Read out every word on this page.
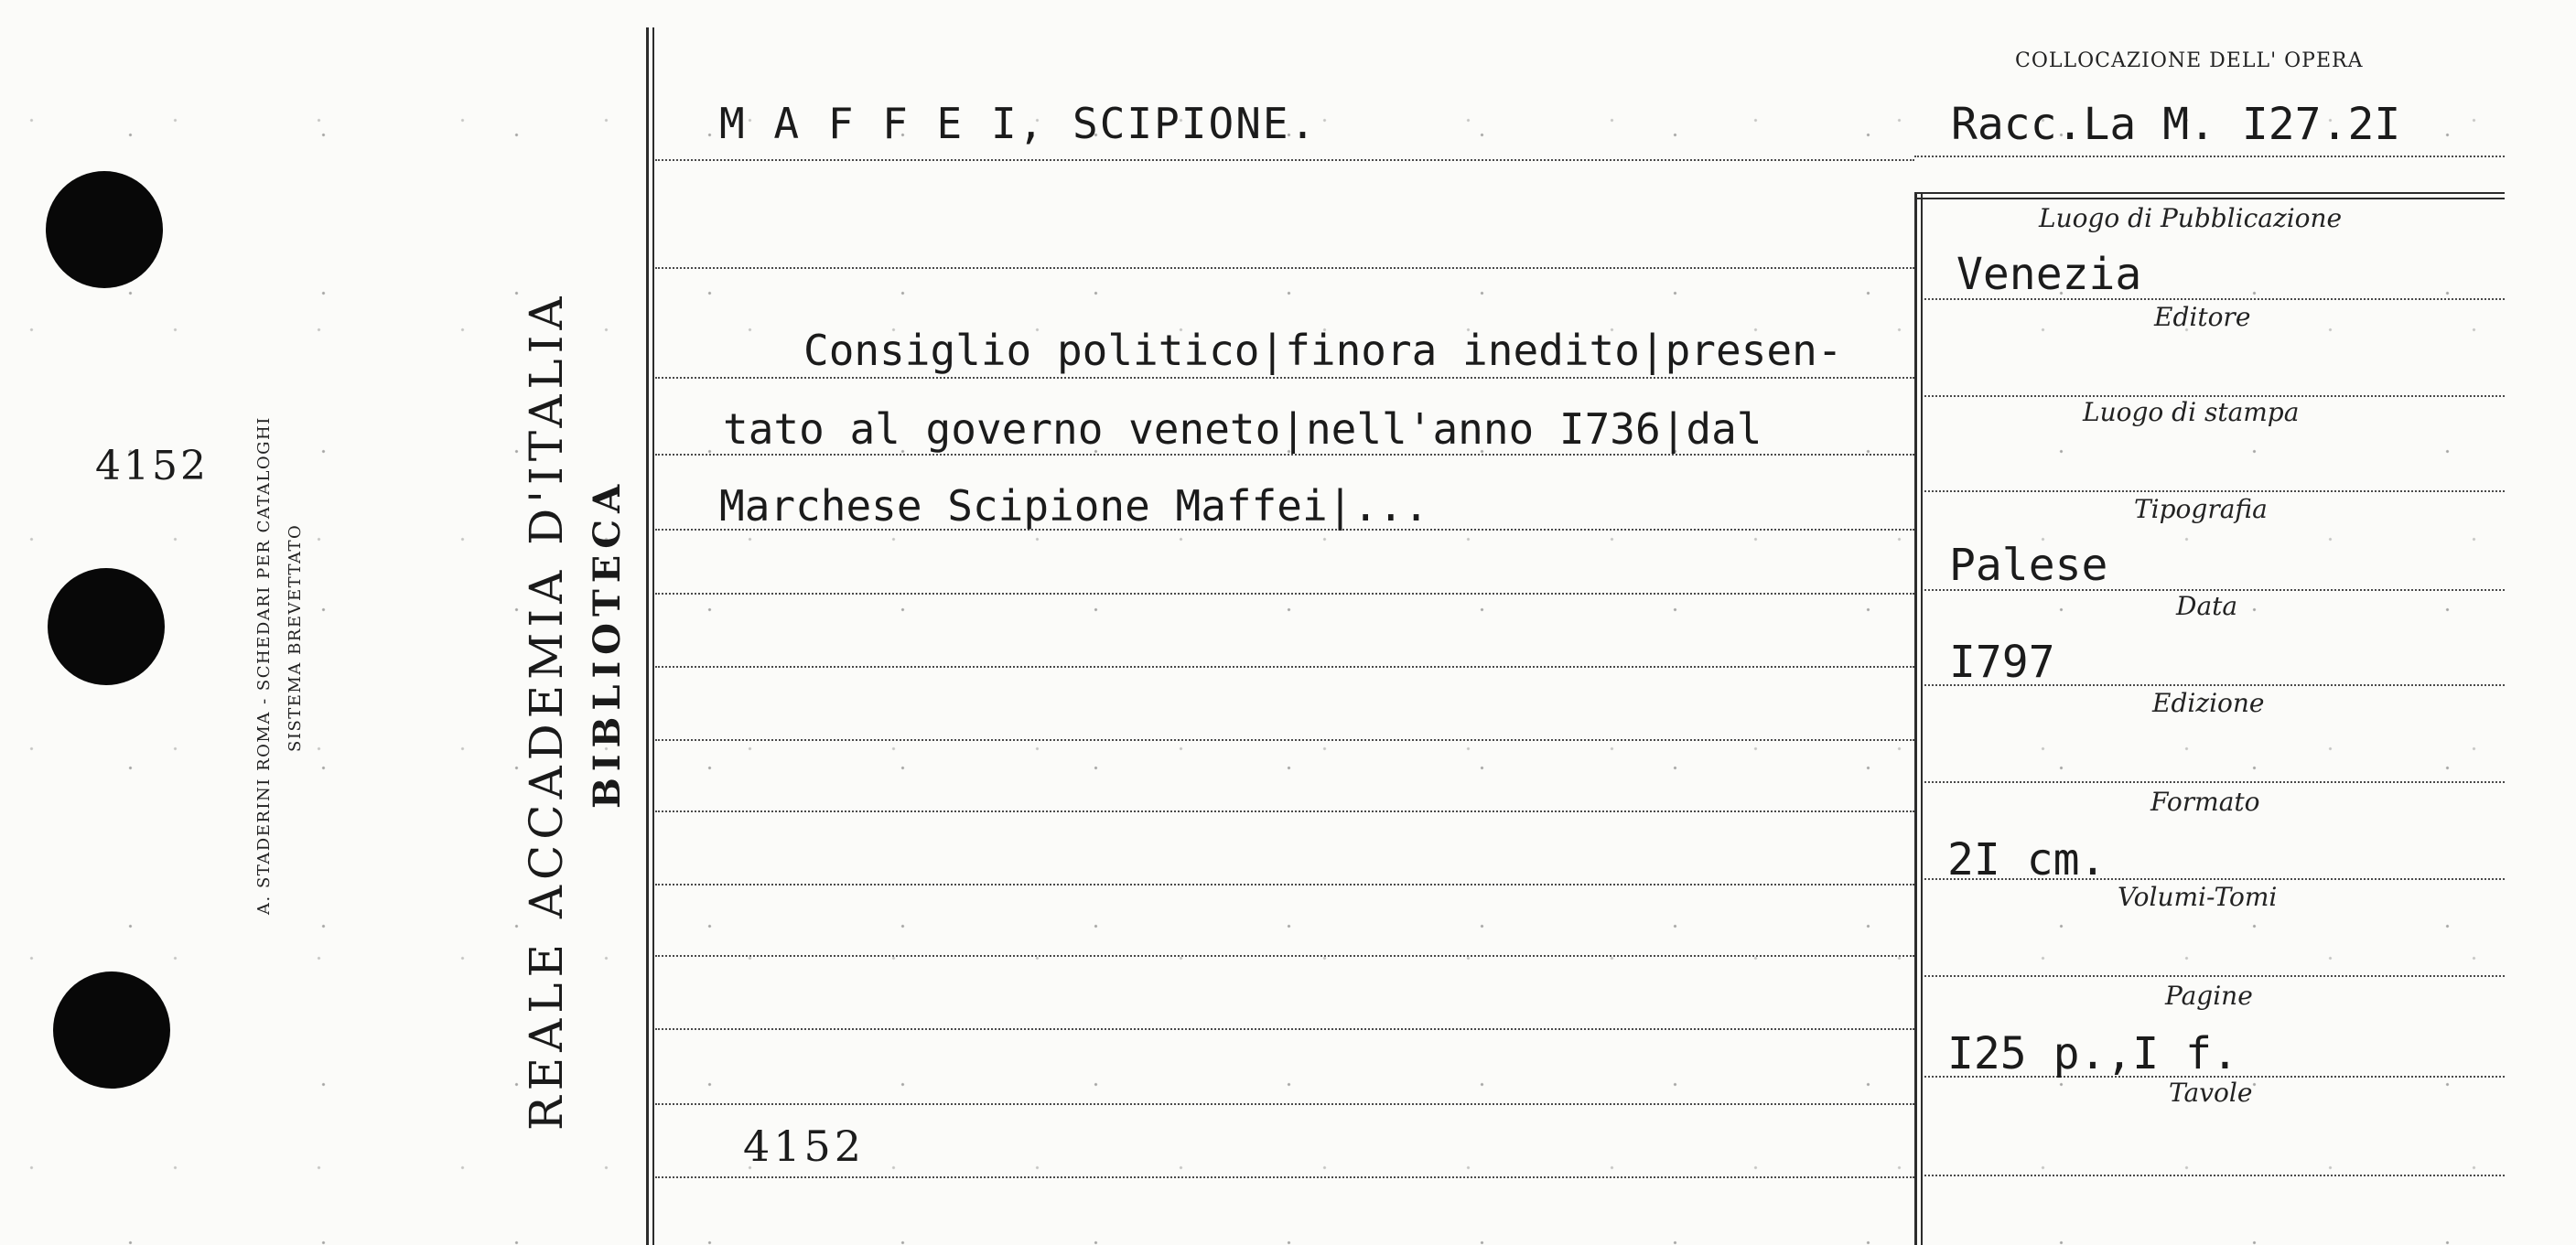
4152	A. STADERINI ROMA - SCHEDARI PER CATALOGHI SISTEMA BREVETTATO	REALE ACCADEMIA D'ITALIA BIBLIOTECA
M A F F E I, SCIPIONE.
COLLOCAZIONE DELL' OPERA
Racc.La M. I27.2I
Consiglio politico|finora inedito|presen-
tato al governo veneto|nell'anno I736|dal
Marchese Scipione Maffei|...
Luogo di Pubblicazione
Editore
Luogo di stampa
Tipografia
Data
Edizione
Formato
Volumi-Tomi
Pagine
Tavole
Venezia
Palese
I797
2I cm.
I25 p.,I f.
4152
